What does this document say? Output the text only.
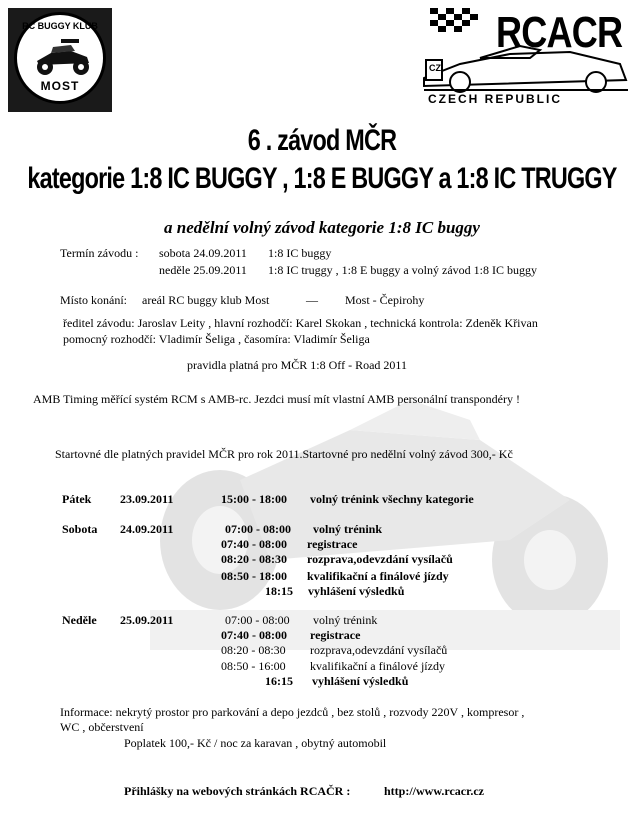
RC BUGGY KLUB
MOST
RCACR
CZ
CZECH REPUBLIC
6 . závod MČR
kategorie 1:8 IC BUGGY , 1:8 E BUGGY a 1:8 IC TRUGGY
a nedělní volný závod kategorie 1:8 IC buggy
Termín závodu : sobota 24.09.2011 1:8 IC buggy
neděle 25.09.2011 1:8 IC truggy , 1:8 E buggy a volný závod 1:8 IC buggy
Místo konání: areál RC buggy klub Most	— Most - Čepirohy
ředitel závodu: Jaroslav Leity , hlavní rozhodčí: Karel Skokan , technická kontrola: Zdeněk Křivan
pomocný rozhodčí: Vladimír Šeliga , časomíra: Vladimír Šeliga
pravidla platná pro MČR 1:8 Off - Road 2011
AMB Timing měřící systém RCM s AMB-rc. Jezdci musí mít vlastní AMB personální transpondéry !
Startovné dle platných pravidel MČR pro rok 2011.Startovné pro nedělní volný závod 300,- Kč
Pátek 23.09.2011	15:00 - 18:00 volný trénink všechny kategorie
Sobota 24.09.2011	07:00 - 08:00 volný trénink
07:40 - 08:00 registrace
08:20 - 08:30 rozprava,odevzdání vysílačů
08:50 - 18:00 kvalifikační a finálové jízdy
18:15 vyhlášení výsledků
Neděle 25.09.2011	07:00 - 08:00 volný trénink
07:40 - 08:00 registrace
08:20 - 08:30 rozprava,odevzdání vysílačů
08:50 - 16:00 kvalifikační a finálové jízdy
16:15 vyhlášení výsledků
Informace: nekrytý prostor pro parkování a depo jezdců , bez stolů , rozvody 220V , kompresor ,
WC , občerstvení
Poplatek 100,- Kč / noc za karavan , obytný automobil
Přihlášky na webových stránkách RCAČR :	http://www.rcacr.cz
